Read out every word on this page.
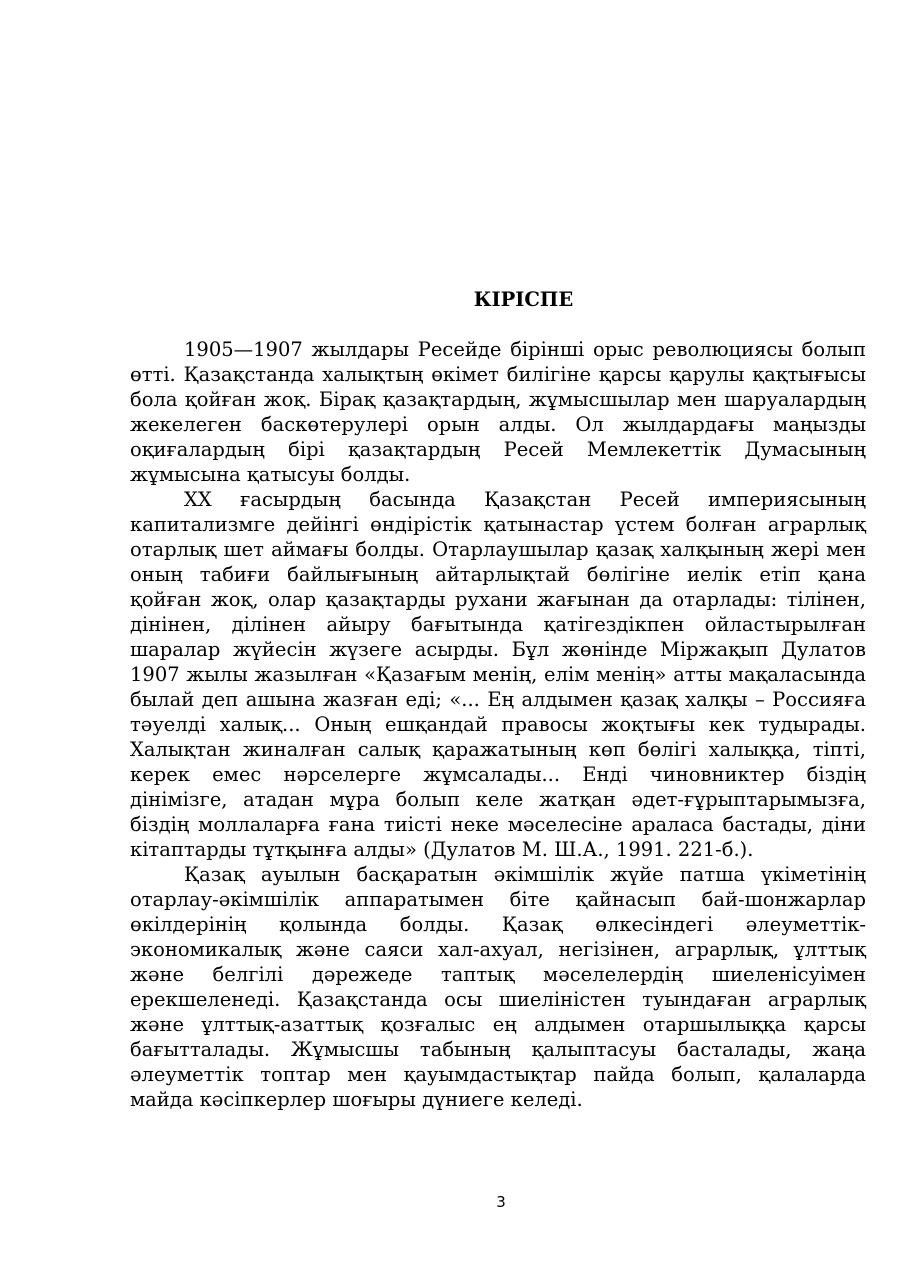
КІРІСПЕ

1905—1907 жылдары Ресейде бірінші орыс революциясы болып өтті. Қазақстанда халықтың өкімет билігіне қарсы қарулы қақтығысы бола қойған жоқ. Бірақ қазақтардың, жұмысшылар мен шаруалардың жекелеген баскөтерулері орын алды. Ол жылдардағы маңызды оқиғалардың бірі қазақтардың Ресей Мемлекеттік Думасының жұмысына қатысуы болды.

XX ғасырдың басында Қазақстан Ресей империясының капитализмге дейінгі өндірістік қатынастар үстем болған аграрлық отарлық шет аймағы болды. Отарлаушылар қазақ халқының жері мен оның табиғи байлығының айтарлықтай бөлігіне иелік етіп қана қойған жоқ, олар қазақтарды рухани жағынан да отарлады: тілінен, дінінен, ділінен айыру бағытында қатігездікпен ойластырылған шаралар жүйесін жүзеге асырды. Бұл жөнінде Міржақып Дулатов 1907 жылы жазылған «Қазағым менің, елім менің» атты мақаласында былай деп ашына жазған еді; «... Ең алдымен қазақ халқы – Россияға тәуелді халық... Оның ешқандай правосы жоқтығы кек тудырады. Халықтан жиналған салық қаражатының көп бөлігі халыққа, тіпті, керек емес нәрселерге жұмсалады... Енді чиновниктер біздің дінімізге, атадан мұра болып келе жатқан әдет-ғұрыптарымызға, біздің моллаларға ғана тиісті неке мәселесіне араласа бастады, діни кітаптарды тұтқынға алды» (Дулатов М. Ш.А., 1991. 221-б.).

Қазақ ауылын басқаратын әкімшілік жүйе патша үкіметінің отарлау-әкімшілік аппаратымен біте қайнасып бай-шонжарлар өкілдерінің қолында болды. Қазақ өлкесіндегі әлеуметтік-экономикалық және саяси хал-ахуал, негізінен, аграрлық, ұлттық және белгілі дәрежеде таптық мәселелердің шиеленісуімен ерекшеленеді. Қазақстанда осы шиеліністен туындаған аграрлық және ұлттық-азаттық қозғалыс ең алдымен отаршылыққа қарсы бағытталады. Жұмысшы табының қалыптасуы басталады, жаңа әлеуметтік топтар мен қауымдастықтар пайда болып, қалаларда майда кәсіпкерлер шоғыры дүниеге келеді.

3
